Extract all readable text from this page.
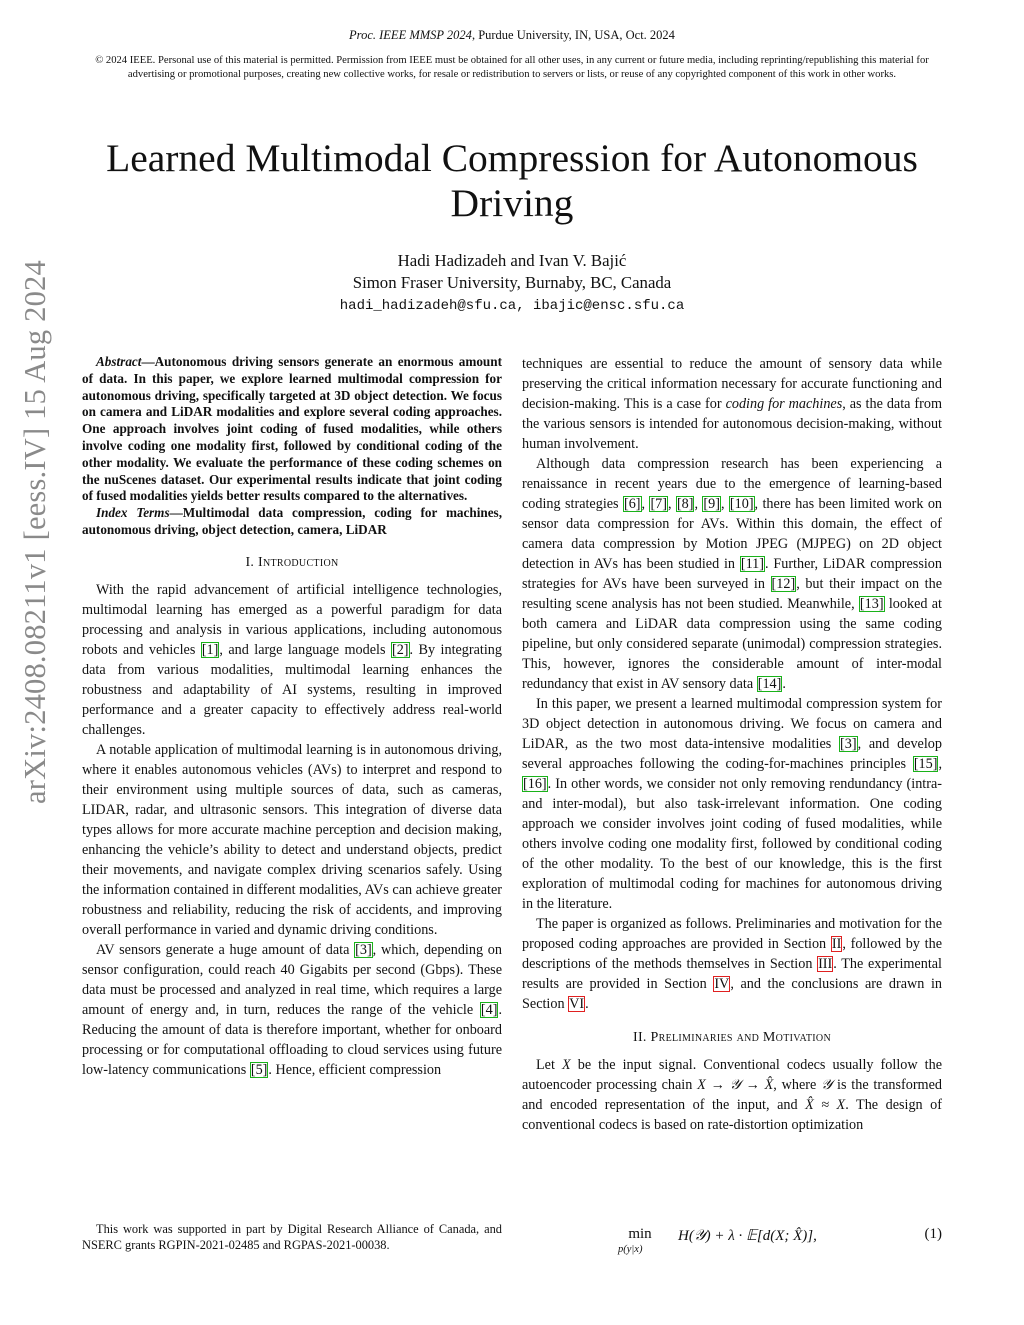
Proc. IEEE MMSP 2024, Purdue University, IN, USA, Oct. 2024
© 2024 IEEE. Personal use of this material is permitted. Permission from IEEE must be obtained for all other uses, in any current or future media, including reprinting/republishing this material for advertising or promotional purposes, creating new collective works, for resale or redistribution to servers or lists, or reuse of any copyrighted component of this work in other works.
Learned Multimodal Compression for Autonomous Driving
Hadi Hadizadeh and Ivan V. Bajić
Simon Fraser University, Burnaby, BC, Canada
hadi_hadizadeh@sfu.ca, ibajic@ensc.sfu.ca
arXiv:2408.08211v1 [eess.IV] 15 Aug 2024	Abstract—Autonomous driving sensors generate an enormous amount of data. In this paper, we explore learned multimodal compression for autonomous driving, specifically targeted at 3D object detection. We focus on camera and LiDAR modalities and explore several coding approaches. One approach involves joint coding of fused modalities, while others involve coding one modality first, followed by conditional coding of the other modality. We evaluate the performance of these coding schemes on the nuScenes dataset. Our experimental results indicate that joint coding of fused modalities yields better results compared to the alternatives.

Index Terms—Multimodal data compression, coding for machines, autonomous driving, object detection, camera, LiDAR

I. Introduction

With the rapid advancement of artificial intelligence technologies, multimodal learning has emerged as a powerful paradigm for data processing and analysis in various applications, including autonomous robots and vehicles [1], and large language models [2]. By integrating data from various modalities, multimodal learning enhances the robustness and adaptability of AI systems, resulting in improved performance and a greater capacity to effectively address real-world challenges.

A notable application of multimodal learning is in autonomous driving, where it enables autonomous vehicles (AVs) to interpret and respond to their environment using multiple sources of data, such as cameras, LIDAR, radar, and ultrasonic sensors. This integration of diverse data types allows for more accurate machine perception and decision making, enhancing the vehicle’s ability to detect and understand objects, predict their movements, and navigate complex driving scenarios safely. Using the information contained in different modalities, AVs can achieve greater robustness and reliability, reducing the risk of accidents, and improving overall performance in varied and dynamic driving conditions.

AV sensors generate a huge amount of data [3], which, depending on sensor configuration, could reach 40 Gigabits per second (Gbps). These data must be processed and analyzed in real time, which requires a large amount of energy and, in turn, reduces the range of the vehicle [4]. Reducing the amount of data is therefore important, whether for onboard processing or for computational offloading to cloud services using future low-latency communications [5]. Hence, efficient compression

This work was supported in part by Digital Research Alliance of Canada, and NSERC grants RGPIN-2021-02485 and RGPAS-2021-00038.

techniques are essential to reduce the amount of sensory data while preserving the critical information necessary for accurate functioning and decision-making. This is a case for coding for machines, as the data from the various sensors is intended for autonomous decision-making, without human involvement.

Although data compression research has been experiencing a renaissance in recent years due to the emergence of learning-based coding strategies [6], [7], [8], [9], [10], there has been limited work on sensor data compression for AVs. Within this domain, the effect of camera data compression by Motion JPEG (MJPEG) on 2D object detection in AVs has been studied in [11]. Further, LiDAR compression strategies for AVs have been surveyed in [12], but their impact on the resulting scene analysis has not been studied. Meanwhile, [13] looked at both camera and LiDAR data compression using the same coding pipeline, but only considered separate (unimodal) compression strategies. This, however, ignores the considerable amount of inter-modal redundancy that exist in AV sensory data [14].

In this paper, we present a learned multimodal compression system for 3D object detection in autonomous driving. We focus on camera and LiDAR, as the two most data-intensive modalities [3], and develop several approaches following the coding-for-machines principles [15], [16]. In other words, we consider not only removing rendundancy (intra- and inter-modal), but also task-irrelevant information. One coding approach we consider involves joint coding of fused modalities, while others involve coding one modality first, followed by conditional coding of the other modality. To the best of our knowledge, this is the first exploration of multimodal coding for machines for autonomous driving in the literature.

The paper is organized as follows. Preliminaries and motivation for the proposed coding approaches are provided in Section II, followed by the descriptions of the methods themselves in Section III. The experimental results are provided in Section IV, and the conclusions are drawn in Section VI.

II. Preliminaries and Motivation

Let X be the input signal. Conventional codecs usually follow the autoencoder processing chain X → 𝒴 → X̂, where 𝒴 is the transformed and encoded representation of the input, and X̂ ≈ X. The design of conventional codecs is based on rate-distortion optimization

min
p(y|x)
H(𝒴) + λ · 𝔼[d(X; X̂)],	(1)
